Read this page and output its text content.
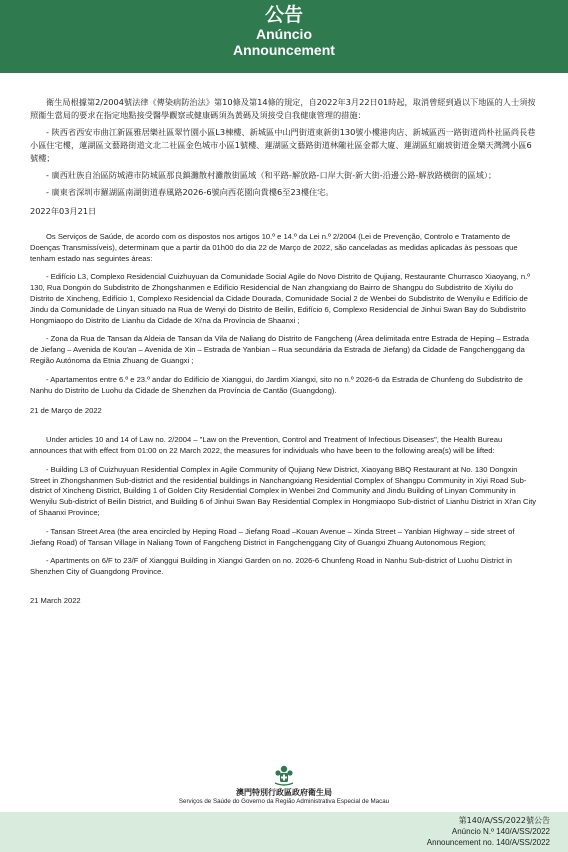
公告
Anúncio
Announcement

衛生局根據第2/2004號法律《傳染病防治法》第10條及第14條的規定，自2022年3月22日01時起，取消曾經到過以下地區的人士須按照衞生當局的要求在指定地點接受醫學觀察或健康碼須為黃碼及須接受自我健康管理的措施：

- 陝西省西安市曲江新區雅居樂社區翠竹園小區L3棟樓、新城區中山門街道東新街130號小樓港肉店、新城區西一路街道尚朴社區尚長巷小區住宅樓，蓮湖區文藝路街道文北二社區金色城市小區1號樓、蓮湖區文藝路街道林隴社區金都大廈、蓮湖區紅廟坡街道金樂天灣灣小區6號樓；

- 廣西壯族自治區防城港市防城區那良鎮灘散村灘散街區域（和平路-解放路-口岸大街-新大街-沿邊公路-解放路橫街的區域）；

- 廣東省深圳市羅湖區南湖街道春風路2026-6號向西花園向貴樓6至23樓住宅。

2022年03月21日

Os Serviços de Saúde, de acordo com os dispostos nos artigos 10.º e 14.º da Lei n.º 2/2004 (Lei de Prevenção, Controlo e Tratamento de Doenças Transmissíveis), determinam que a partir da 01h00 do dia 22 de Março de 2022, são canceladas as medidas aplicadas às pessoas que tenham estado nas seguintes áreas:

- Edifício L3, Complexo Residencial Cuizhuyuan da Comunidade Social Agile do Novo Distrito de Qujiang, Restaurante Churrasco Xiaoyang, n.º 130, Rua Dongxin do Subdistrito de Zhongshanmen e Edifício Residencial de Nan zhangxiang do Bairro de Shangpu do Subdistrito de Xiyilu do Distrito de Xincheng, Edifício 1, Complexo Residencial da Cidade Dourada, Comunidade Social 2 de Wenbei do Subdistrito de Wenyilu e Edifício de Jindu da Comunidade de Linyan situado na Rua de Wenyi do Distrito de Beilin, Edifício 6, Complexo Residencial de Jinhui Swan Bay do Subdistrito Hongmiaopo do Distrito de Lianhu da Cidade de Xi'na da Província de Shaanxi ;

- Zona da Rua de Tansan da Aldeia de Tansan da Vila de Naliang do Distrito de Fangcheng (Área delimitada entre Estrada de Heping – Estrada de Jiefang – Avenida de Kou'an – Avenida de Xin – Estrada de Yanbian – Rua secundária da Estrada de Jiefang) da Cidade de Fangchenggang da Região Autónoma da Etnia Zhuang de Guangxi ;

- Apartamentos entre 6.º e 23.º andar do Edifício de Xianggui, do Jardim Xiangxi, sito no n.º 2026-6 da Estrada de Chunfeng do Subdistrito de Nanhu do Distrito de Luohu da Cidade de Shenzhen da Província de Cantão (Guangdong).

21 de Março de 2022

Under articles 10 and 14 of Law no. 2/2004 – "Law on the Prevention, Control and Treatment of Infectious Diseases", the Health Bureau announces that with effect from 01:00 on 22 March 2022, the measures for individuals who have been to the following area(s) will be lifted:

- Building L3 of Cuizhuyuan Residential Complex in Agile Community of Qujiang New District, Xiaoyang BBQ Restaurant at No. 130 Dongxin Street in Zhongshanmen Sub-district and the residential buildings in Nanchangxiang Residential Complex of Shangpu Community in Xiyi Road Sub-district of Xincheng District, Building 1 of Golden City Residential Complex in Wenbei 2nd Community and Jindu Building of Linyan Community in Wenyilu Sub-district of Beilin District, and Building 6 of Jinhui Swan Bay Residential Complex in Hongmiaopo Sub-district of Lianhu District in Xi'an City of Shaanxi Province;

- Tansan Street Area (the area encircled by Heping Road – Jiefang Road –Kouan Avenue – Xinda Street – Yanbian Highway – side street of Jiefang Road) of Tansan Village in Naliang Town of Fangcheng District in Fangchenggang City of Guangxi Zhuang Autonomous Region;

- Apartments on 6/F to 23/F of Xianggui Building in Xiangxi Garden on no. 2026-6 Chunfeng Road in Nanhu Sub-district of Luohu District in Shenzhen City of Guangdong Province.

21 March 2022

澳門特別行政區政府衛生局
Serviços de Saúde do Governo da Região Administrativa Especial de Macau
第140/A/SS/2022號公告
Anúncio N.º 140/A/SS/2022
Announcement no. 140/A/SS/2022
